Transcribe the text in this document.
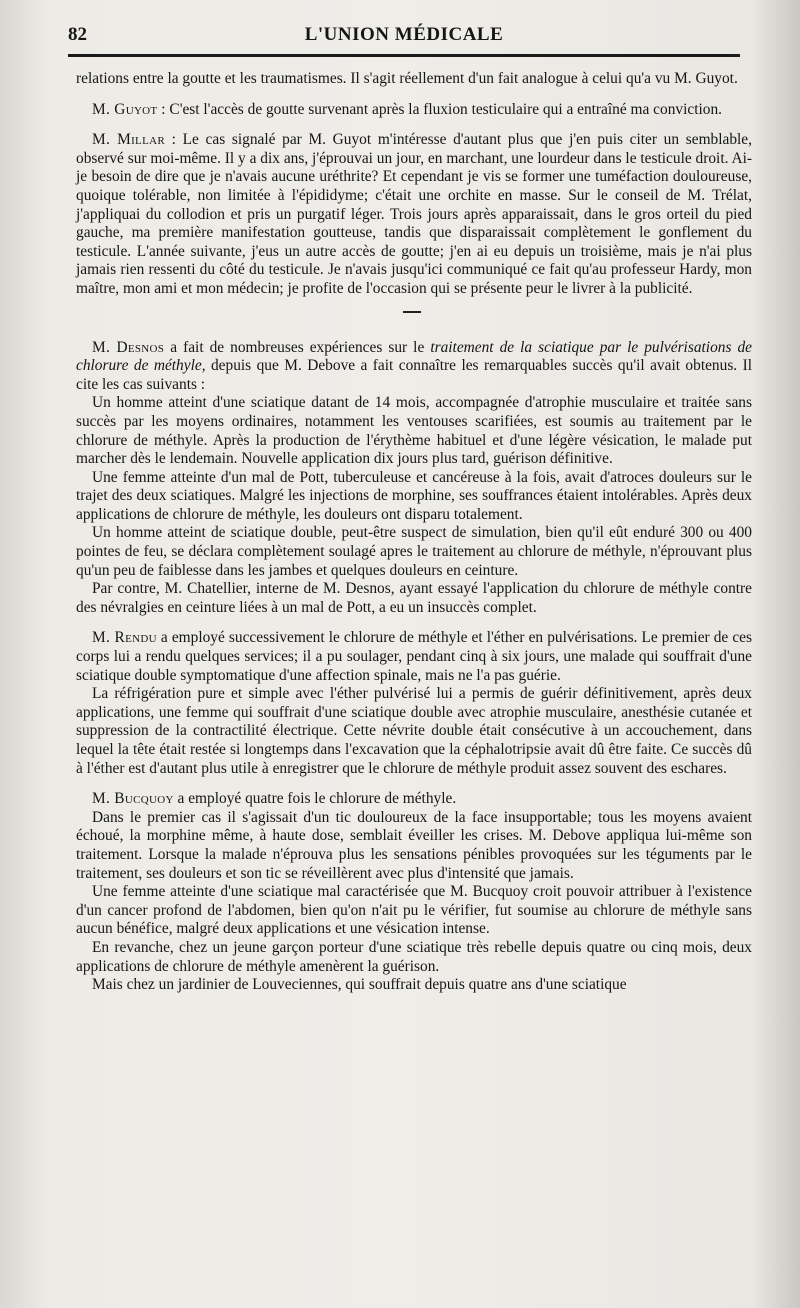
82	L'UNION MÉDICALE

relations entre la goutte et les traumatismes. Il s'agit réellement d'un fait analogue à celui qu'a vu M. Guyot.

M. Guyot : C'est l'accès de goutte survenant après la fluxion testiculaire qui a entraîné ma conviction.

M. Millar : Le cas signalé par M. Guyot m'intéresse d'autant plus que j'en puis citer un semblable, observé sur moi-même. Il y a dix ans, j'éprouvai un jour, en marchant, une lourdeur dans le testicule droit. Ai-je besoin de dire que je n'avais aucune uréthrite? Et cependant je vis se former une tuméfaction douloureuse, quoique tolérable, non limitée à l'épididyme; c'était une orchite en masse. Sur le conseil de M. Trélat, j'appliquai du collodion et pris un purgatif léger. Trois jours après apparaissait, dans le gros orteil du pied gauche, ma première manifestation goutteuse, tandis que disparaissait complètement le gonflement du testicule. L'année suivante, j'eus un autre accès de goutte; j'en ai eu depuis un troisième, mais je n'ai plus jamais rien ressenti du côté du testicule. Je n'avais jusqu'ici communiqué ce fait qu'au professeur Hardy, mon maître, mon ami et mon médecin; je profite de l'occasion qui se présente peur le livrer à la publicité.

M. Desnos a fait de nombreuses expériences sur le traitement de la sciatique par le pulvérisations de chlorure de méthyle, depuis que M. Debove a fait connaître les remarquables succès qu'il avait obtenus. Il cite les cas suivants :

Un homme atteint d'une sciatique datant de 14 mois, accompagnée d'atrophie musculaire et traitée sans succès par les moyens ordinaires, notamment les ventouses scarifiées, est soumis au traitement par le chlorure de méthyle. Après la production de l'érythème habituel et d'une légère vésication, le malade put marcher dès le lendemain. Nouvelle application dix jours plus tard, guérison définitive.

Une femme atteinte d'un mal de Pott, tuberculeuse et cancéreuse à la fois, avait d'atroces douleurs sur le trajet des deux sciatiques. Malgré les injections de morphine, ses souffrances étaient intolérables. Après deux applications de chlorure de méthyle, les douleurs ont disparu totalement.

Un homme atteint de sciatique double, peut-être suspect de simulation, bien qu'il eût enduré 300 ou 400 pointes de feu, se déclara complètement soulagé apres le traitement au chlorure de méthyle, n'éprouvant plus qu'un peu de faiblesse dans les jambes et quelques douleurs en ceinture.

Par contre, M. Chatellier, interne de M. Desnos, ayant essayé l'application du chlorure de méthyle contre des névralgies en ceinture liées à un mal de Pott, a eu un insuccès complet.

M. Rendu a employé successivement le chlorure de méthyle et l'éther en pulvérisations. Le premier de ces corps lui a rendu quelques services; il a pu soulager, pendant cinq à six jours, une malade qui souffrait d'une sciatique double symptomatique d'une affection spinale, mais ne l'a pas guérie.

La réfrigération pure et simple avec l'éther pulvérisé lui a permis de guérir définitivement, après deux applications, une femme qui souffrait d'une sciatique double avec atrophie musculaire, anesthésie cutanée et suppression de la contractilité électrique. Cette névrite double était consécutive à un accouchement, dans lequel la tête était restée si longtemps dans l'excavation que la céphalotripsie avait dû être faite. Ce succès dû à l'éther est d'autant plus utile à enregistrer que le chlorure de méthyle produit assez souvent des eschares.

M. Bucquoy a employé quatre fois le chlorure de méthyle.

Dans le premier cas il s'agissait d'un tic douloureux de la face insupportable; tous les moyens avaient échoué, la morphine même, à haute dose, semblait éveiller les crises. M. Debove appliqua lui-même son traitement. Lorsque la malade n'éprouva plus les sensations pénibles provoquées sur les téguments par le traitement, ses douleurs et son tic se réveillèrent avec plus d'intensité que jamais.

Une femme atteinte d'une sciatique mal caractérisée que M. Bucquoy croit pouvoir attribuer à l'existence d'un cancer profond de l'abdomen, bien qu'on n'ait pu le vérifier, fut soumise au chlorure de méthyle sans aucun bénéfice, malgré deux applications et une vésication intense.

En revanche, chez un jeune garçon porteur d'une sciatique très rebelle depuis quatre ou cinq mois, deux applications de chlorure de méthyle amenèrent la guérison.

Mais chez un jardinier de Louveciennes, qui souffrait depuis quatre ans d'une sciatique
